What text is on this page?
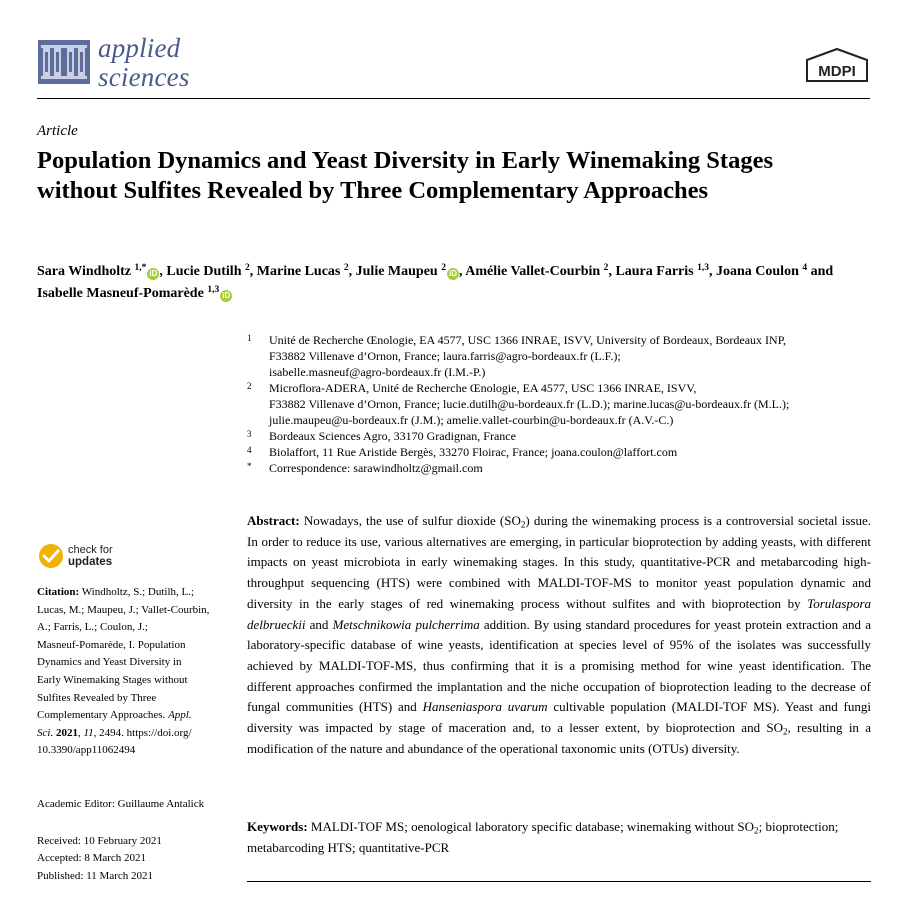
applied
sciences	MDPI
Article
Population Dynamics and Yeast Diversity in Early Winemaking Stages without Sulfites Revealed by Three Complementary Approaches
Sara Windholtz $^{1,*}$iD , Lucie Dutilh $^2$, Marine Lucas $^2$, Julie Maupeu $^2$iD , Amélie Vallet-Courbin $^2$, Laura Farris $^{1,3}$, Joana Coulon $^4$ and Isabelle Masneuf-Pomarède $^{1,3}$iD
1 Unité de Recherche Œnologie, EA 4577, USC 1366 INRAE, ISVV, University of Bordeaux, Bordeaux INP,
F33882 Villenave d’Ornon, France; laura.farris@agro-bordeaux.fr (L.F.);
isabelle.masneuf@agro-bordeaux.fr (I.M.-P.)
2 Microflora-ADERA, Unité de Recherche Œnologie, EA 4577, USC 1366 INRAE, ISVV,
F33882 Villenave d’Ornon, France; lucie.dutilh@u-bordeaux.fr (L.D.); marine.lucas@u-bordeaux.fr (M.L.);
julie.maupeu@u-bordeaux.fr (J.M.); amelie.vallet-courbin@u-bordeaux.fr (A.V.-C.)
3 Bordeaux Sciences Agro, 33170 Gradignan, France
4 Biolaffort, 11 Rue Aristide Bergès, 33270 Floirac, France; joana.coulon@laffort.com
* Correspondence: sarawindholtz@gmail.com
Abstract: Nowadays, the use of sulfur dioxide $(SO_2)$ during the winemaking process is a controversial societal issue. In order to reduce its use, various alternatives are emerging, in particular bioprotection by adding yeasts, with different impacts on yeast microbiota in early winemaking stages. In this study, quantitative-PCR and metabarcoding high-throughput sequencing (HTS) were combined with MALDI-TOF-MS to monitor yeast population dynamic and diversity in the early stages of red winemaking process without sulfites and with bioprotection by Torulaspora delbrueckii and Metschnikowia pulcherrima addition. By using standard procedures for yeast protein extraction and a laboratory-specific database of wine yeasts, identification at species level of 95% of the isolates was successfully achieved by MALDI-TOF-MS, thus confirming that it is a promising method for wine yeast identification. The different approaches confirmed the implantation and the niche occupation of bioprotection leading to the decrease of fungal communities (HTS) and Hanseniaspora uvarum cultivable population (MALDI-TOF MS). Yeast and fungi diversity was impacted by stage of maceration and, to a lesser extent, by bioprotection and $SO_2$, resulting in a modification of the nature and abundance of the operational taxonomic units (OTUs) diversity.
Keywords: MALDI-TOF MS; oenological laboratory specific database; winemaking without $SO_2$; bioprotection; metabarcoding HTS; quantitative-PCR
check for
updates
Citation: Windholtz, S.; Dutilh, L.;
Lucas, M.; Maupeu, J.; Vallet-Courbin,
A.; Farris, L.; Coulon, J.;
Masneuf-Pomarède, I. Population
Dynamics and Yeast Diversity in
Early Winemaking Stages without
Sulfites Revealed by Three
Complementary Approaches. Appl.
Sci. 2021, 11, 2494. https://doi.org/
10.3390/app11062494
Academic Editor: Guillaume Antalick
Received: 10 February 2021
Accepted: 8 March 2021
Published: 11 March 2021
